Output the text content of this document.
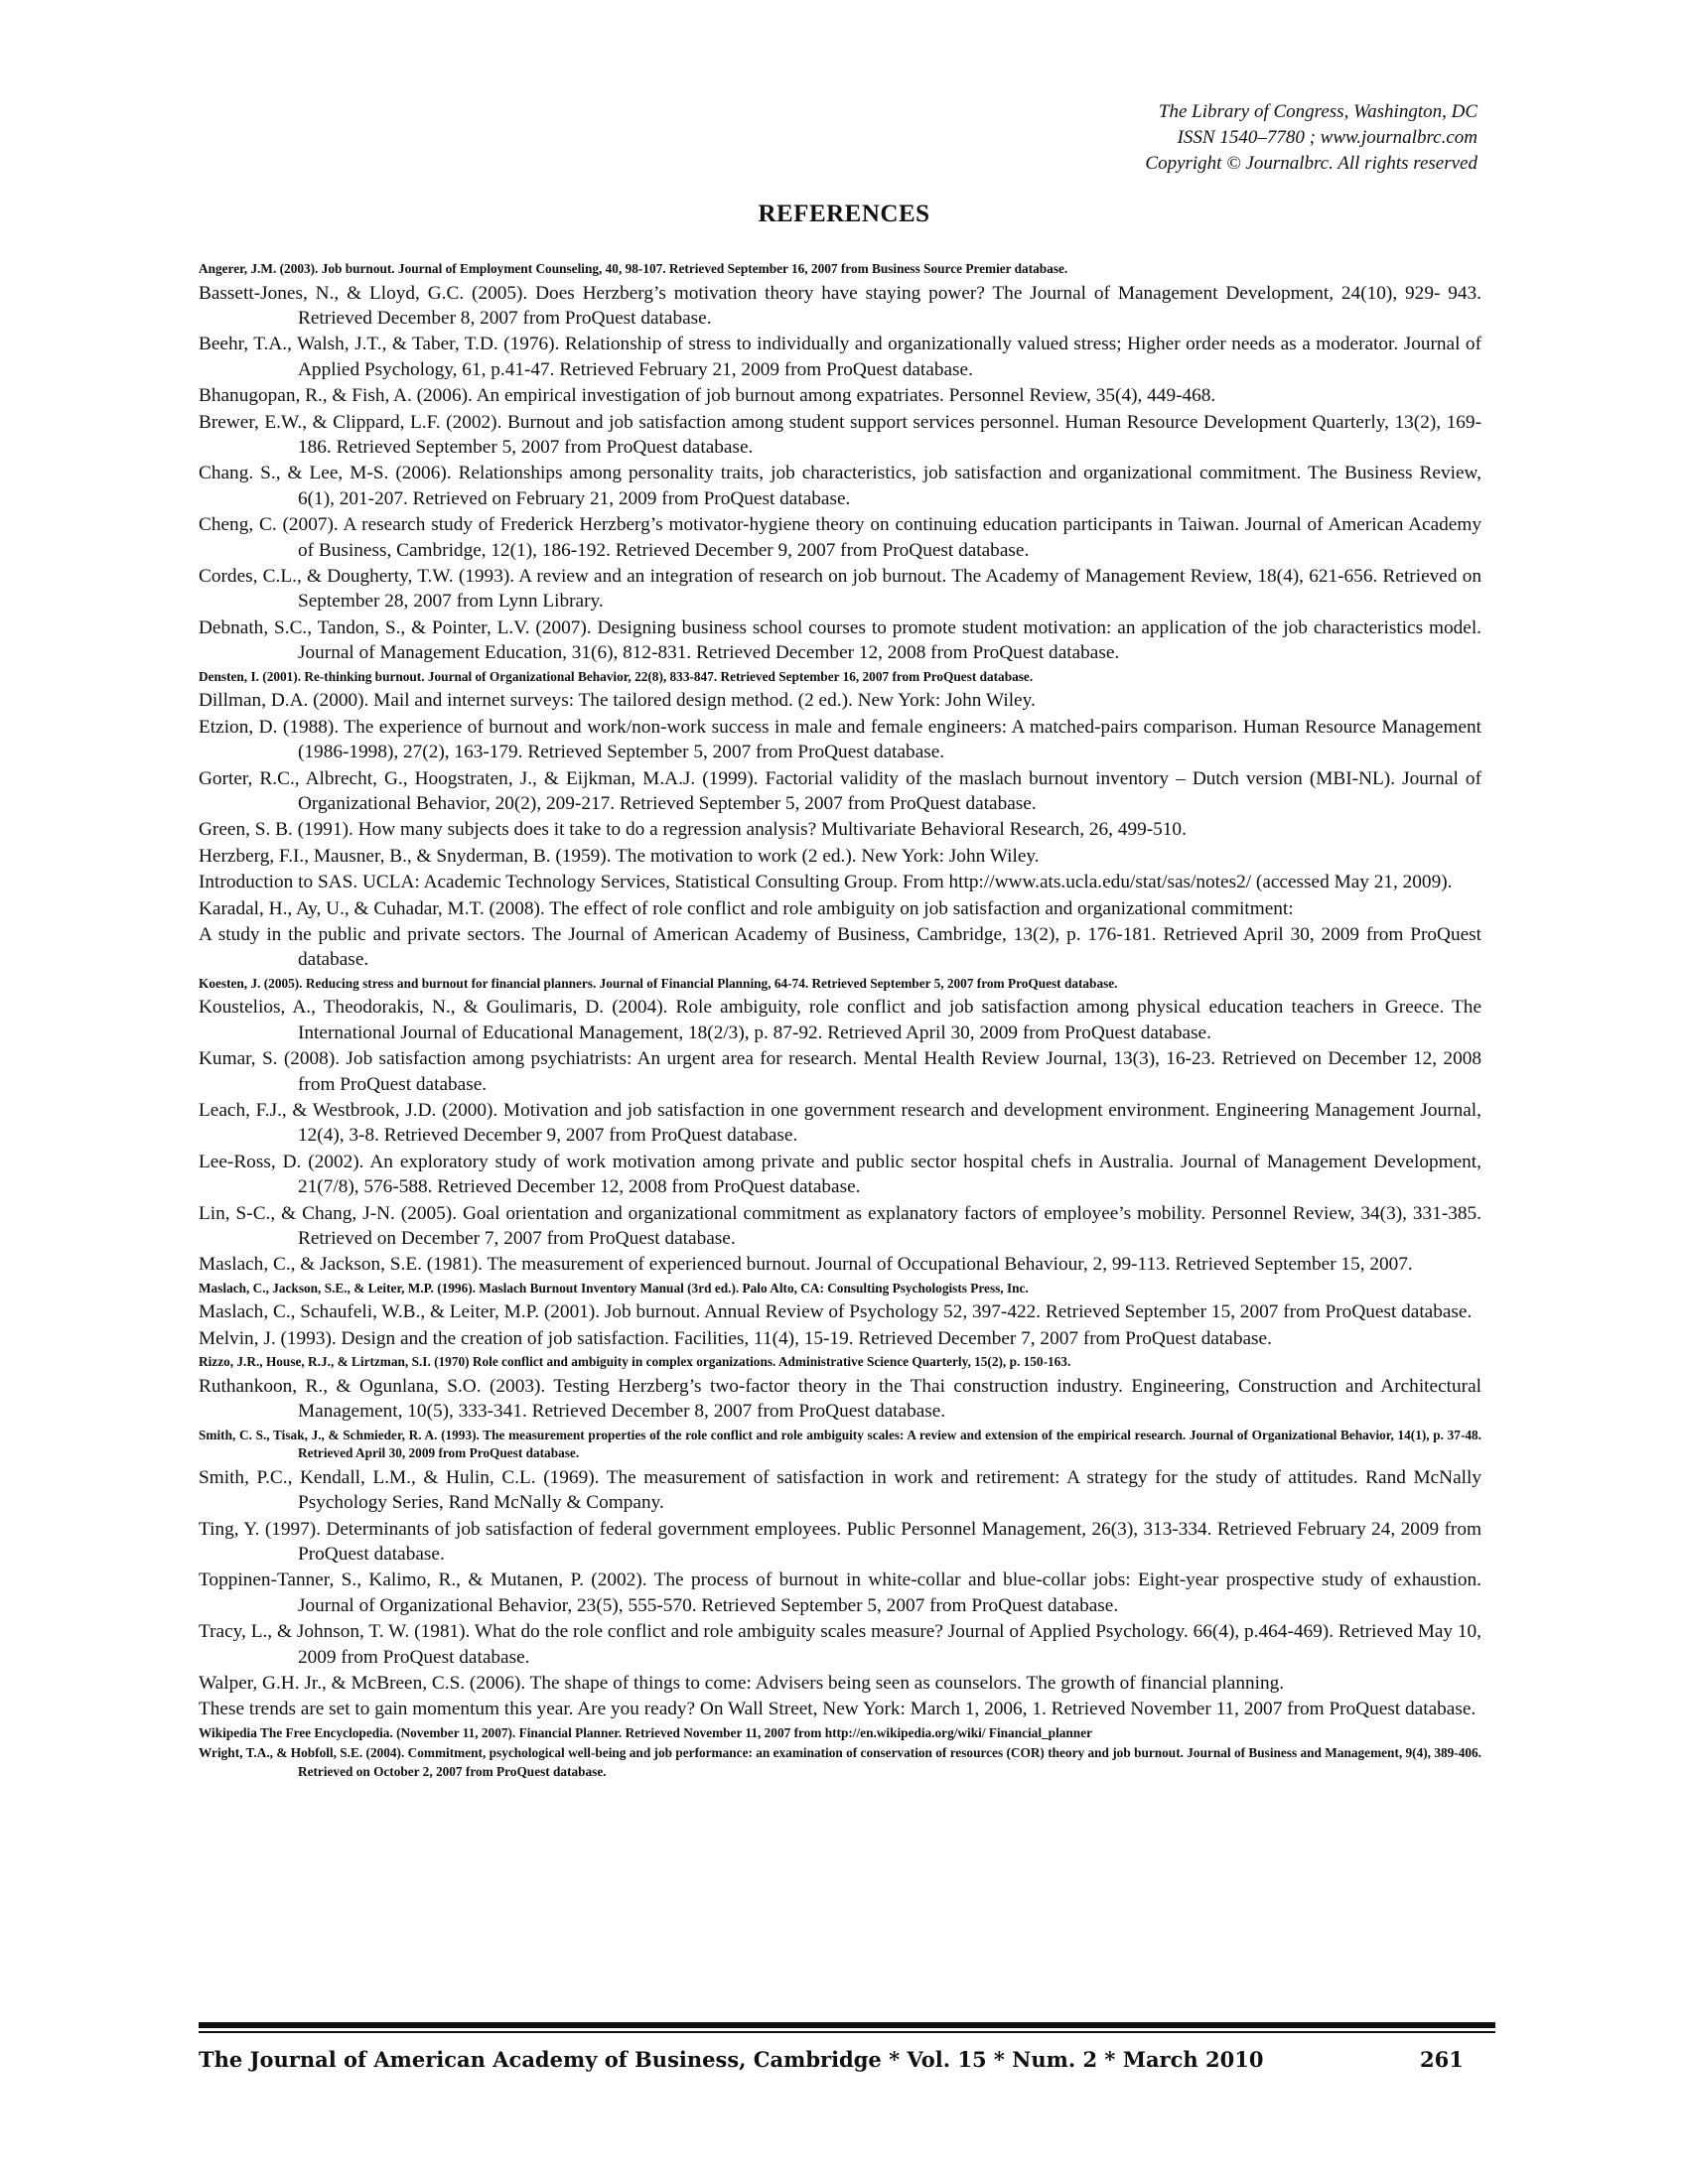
The Library of Congress, Washington, DC
ISSN 1540–7780 ; www.journalbrc.com
Copyright © Journalbrc. All rights reserved
REFERENCES

Angerer, J.M. (2003). Job burnout. Journal of Employment Counseling, 40, 98-107. Retrieved September 16, 2007 from Business Source Premier database.

Bassett-Jones, N., & Lloyd, G.C. (2005). Does Herzberg’s motivation theory have staying power? The Journal of Management Development, 24(10), 929- 943. Retrieved December 8, 2007 from ProQuest database.

Beehr, T.A., Walsh, J.T., & Taber, T.D. (1976). Relationship of stress to individually and organizationally valued stress; Higher order needs as a moderator. Journal of Applied Psychology, 61, p.41-47. Retrieved February 21, 2009 from ProQuest database.

Bhanugopan, R., & Fish, A. (2006). An empirical investigation of job burnout among expatriates. Personnel Review, 35(4), 449-468.

Brewer, E.W., & Clippard, L.F. (2002). Burnout and job satisfaction among student support services personnel. Human Resource Development Quarterly, 13(2), 169-186. Retrieved September 5, 2007 from ProQuest database.

Chang. S., & Lee, M-S. (2006). Relationships among personality traits, job characteristics, job satisfaction and organizational commitment. The Business Review, 6(1), 201-207. Retrieved on February 21, 2009 from ProQuest database.

Cheng, C. (2007). A research study of Frederick Herzberg’s motivator-hygiene theory on continuing education participants in Taiwan. Journal of American Academy of Business, Cambridge, 12(1), 186-192. Retrieved December 9, 2007 from ProQuest database.

Cordes, C.L., & Dougherty, T.W. (1993). A review and an integration of research on job burnout. The Academy of Management Review, 18(4), 621-656. Retrieved on September 28, 2007 from Lynn Library.

Debnath, S.C., Tandon, S., & Pointer, L.V. (2007). Designing business school courses to promote student motivation: an application of the job characteristics model. Journal of Management Education, 31(6), 812-831. Retrieved December 12, 2008 from ProQuest database.

Densten, I. (2001). Re-thinking burnout. Journal of Organizational Behavior, 22(8), 833-847. Retrieved September 16, 2007 from ProQuest database.

Dillman, D.A. (2000). Mail and internet surveys: The tailored design method. (2 ed.). New York: John Wiley.

Etzion, D. (1988). The experience of burnout and work/non-work success in male and female engineers: A matched-pairs comparison. Human Resource Management (1986-1998), 27(2), 163-179. Retrieved September 5, 2007 from ProQuest database.

Gorter, R.C., Albrecht, G., Hoogstraten, J., & Eijkman, M.A.J. (1999). Factorial validity of the maslach burnout inventory – Dutch version (MBI-NL). Journal of Organizational Behavior, 20(2), 209-217. Retrieved September 5, 2007 from ProQuest database.

Green, S. B. (1991). How many subjects does it take to do a regression analysis? Multivariate Behavioral Research, 26, 499-510.

Herzberg, F.I., Mausner, B., & Snyderman, B. (1959). The motivation to work (2 ed.). New York: John Wiley.

Introduction to SAS. UCLA: Academic Technology Services, Statistical Consulting Group. From http://www.ats.ucla.edu/stat/sas/notes2/ (accessed May 21, 2009).

Karadal, H., Ay, U., & Cuhadar, M.T. (2008). The effect of role conflict and role ambiguity on job satisfaction and organizational commitment:

A study in the public and private sectors. The Journal of American Academy of Business, Cambridge, 13(2), p. 176-181. Retrieved April 30, 2009 from ProQuest database.

Koesten, J. (2005). Reducing stress and burnout for financial planners. Journal of Financial Planning, 64-74. Retrieved September 5, 2007 from ProQuest database.

Koustelios, A., Theodorakis, N., & Goulimaris, D. (2004). Role ambiguity, role conflict and job satisfaction among physical education teachers in Greece. The International Journal of Educational Management, 18(2/3), p. 87-92. Retrieved April 30, 2009 from ProQuest database.

Kumar, S. (2008). Job satisfaction among psychiatrists: An urgent area for research. Mental Health Review Journal, 13(3), 16-23. Retrieved on December 12, 2008 from ProQuest database.

Leach, F.J., & Westbrook, J.D. (2000). Motivation and job satisfaction in one government research and development environment. Engineering Management Journal, 12(4), 3-8. Retrieved December 9, 2007 from ProQuest database.

Lee-Ross, D. (2002). An exploratory study of work motivation among private and public sector hospital chefs in Australia. Journal of Management Development, 21(7/8), 576-588. Retrieved December 12, 2008 from ProQuest database.

Lin, S-C., & Chang, J-N. (2005). Goal orientation and organizational commitment as explanatory factors of employee’s mobility. Personnel Review, 34(3), 331-385. Retrieved on December 7, 2007 from ProQuest database.

Maslach, C., & Jackson, S.E. (1981). The measurement of experienced burnout. Journal of Occupational Behaviour, 2, 99-113. Retrieved September 15, 2007.

Maslach, C., Jackson, S.E., & Leiter, M.P. (1996). Maslach Burnout Inventory Manual (3rd ed.). Palo Alto, CA: Consulting Psychologists Press, Inc.

Maslach, C., Schaufeli, W.B., & Leiter, M.P. (2001). Job burnout. Annual Review of Psychology 52, 397-422. Retrieved September 15, 2007 from ProQuest database.

Melvin, J. (1993). Design and the creation of job satisfaction. Facilities, 11(4), 15-19. Retrieved December 7, 2007 from ProQuest database.

Rizzo, J.R., House, R.J., & Lirtzman, S.I. (1970) Role conflict and ambiguity in complex organizations. Administrative Science Quarterly, 15(2), p. 150-163.

Ruthankoon, R., & Ogunlana, S.O. (2003). Testing Herzberg’s two-factor theory in the Thai construction industry. Engineering, Construction and Architectural Management, 10(5), 333-341. Retrieved December 8, 2007 from ProQuest database.

Smith, C. S., Tisak, J., & Schmieder, R. A. (1993). The measurement properties of the role conflict and role ambiguity scales: A review and extension of the empirical research. Journal of Organizational Behavior, 14(1), p. 37-48. Retrieved April 30, 2009 from ProQuest database.

Smith, P.C., Kendall, L.M., & Hulin, C.L. (1969). The measurement of satisfaction in work and retirement: A strategy for the study of attitudes. Rand McNally Psychology Series, Rand McNally & Company.

Ting, Y. (1997). Determinants of job satisfaction of federal government employees. Public Personnel Management, 26(3), 313-334. Retrieved February 24, 2009 from ProQuest database.

Toppinen-Tanner, S., Kalimo, R., & Mutanen, P. (2002). The process of burnout in white-collar and blue-collar jobs: Eight-year prospective study of exhaustion. Journal of Organizational Behavior, 23(5), 555-570. Retrieved September 5, 2007 from ProQuest database.

Tracy, L., & Johnson, T. W. (1981). What do the role conflict and role ambiguity scales measure? Journal of Applied Psychology. 66(4), p.464-469). Retrieved May 10, 2009 from ProQuest database.

Walper, G.H. Jr., & McBreen, C.S. (2006). The shape of things to come: Advisers being seen as counselors. The growth of financial planning.

These trends are set to gain momentum this year. Are you ready? On Wall Street, New York: March 1, 2006, 1. Retrieved November 11, 2007 from ProQuest database.

Wikipedia The Free Encyclopedia. (November 11, 2007). Financial Planner. Retrieved November 11, 2007 from http://en.wikipedia.org/wiki/ Financial_planner

Wright, T.A., & Hobfoll, S.E. (2004). Commitment, psychological well-being and job performance: an examination of conservation of resources (COR) theory and job burnout. Journal of Business and Management, 9(4), 389-406. Retrieved on October 2, 2007 from ProQuest database.

The Journal of American Academy of Business, Cambridge * Vol. 15 * Num. 2 * March 2010	261
